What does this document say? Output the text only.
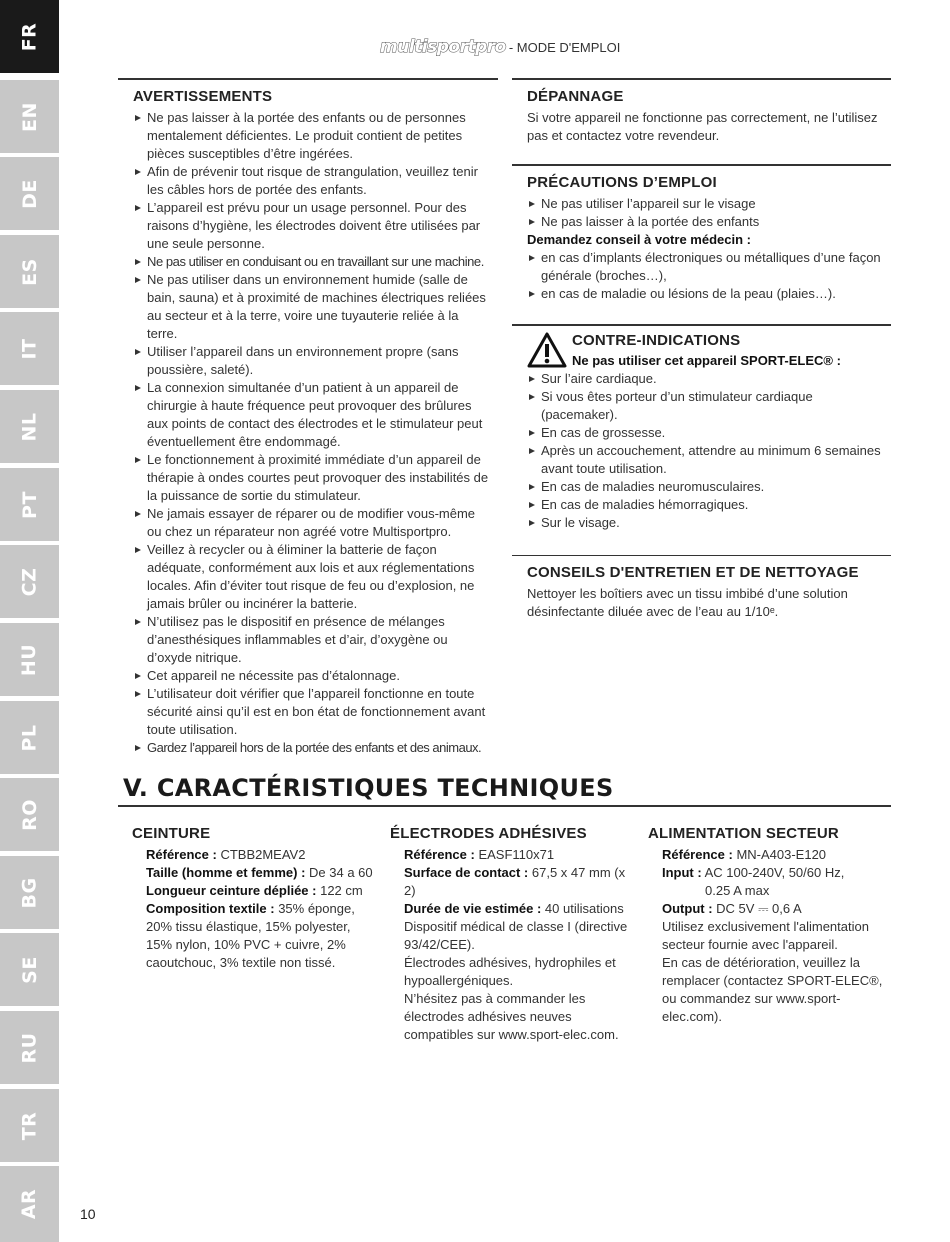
FR
EN
DE
ES
IT
NL
PT
CZ
HU
PL
RO
BG
SE
RU
TR
AR
multisportpro - MODE D'EMPLOI
AVERTISSEMENTS
Ne pas laisser à la portée des enfants ou de personnes mentalement déficientes. Le produit contient de petites pièces susceptibles d’être ingérées.
Afin de prévenir tout risque de strangulation, veuillez tenir les câbles hors de portée des enfants.
L’appareil est prévu pour un usage personnel. Pour des raisons d’hygiène, les électrodes doivent être utilisées par une seule personne.
Ne pas utiliser en conduisant ou en travaillant sur une machine.
Ne pas utiliser dans un environnement humide (salle de bain, sauna) et à proximité de machines électriques reliées au secteur et à la terre, voire une tuyauterie reliée à la terre.
Utiliser l’appareil dans un environnement propre (sans poussière, saleté).
La connexion simultanée d’un patient à un appareil de chirurgie à haute fréquence peut provoquer des brûlures aux points de contact des électrodes et le stimulateur peut éventuellement être endommagé.
Le fonctionnement à proximité immédiate d’un appareil de thérapie à ondes courtes peut provoquer des instabilités de la puissance de sortie du stimulateur.
Ne jamais essayer de réparer ou de modifier vous-même ou chez un réparateur non agréé votre Multisportpro.
Veillez à recycler ou à éliminer la batterie de façon adéquate, conformément aux lois et aux réglementations locales. Afin d’éviter tout risque de feu ou d’explosion, ne jamais brûler ou incinérer la batterie.
N’utilisez pas le dispositif en présence de mélanges d’anesthésiques inflammables et d’air, d’oxygène ou d’oxyde nitrique.
Cet appareil ne nécessite pas d’étalonnage.
L’utilisateur doit vérifier que l’appareil fonctionne en toute sécurité ainsi qu’il est en bon état de fonctionnement avant toute utilisation.
Gardez l’appareil hors de la portée des enfants et des animaux.
DÉPANNAGE

Si votre appareil ne fonctionne pas correctement, ne l’utilisez pas et contactez votre revendeur.

PRÉCAUTIONS D’EMPLOI
Ne pas utiliser l’appareil sur le visage
Ne pas laisser à la portée des enfants
Demandez conseil à votre médecin :
en cas d’implants électroniques ou métalliques d’une façon générale (broches…),
en cas de maladie ou lésions de la peau (plaies…).
CONTRE-INDICATIONS
Ne pas utiliser cet appareil SPORT-ELEC® :
Sur l’aire cardiaque.
Si vous êtes porteur d’un stimulateur cardiaque (pacemaker).
En cas de grossesse.
Après un accouchement, attendre au minimum 6 semaines avant toute utilisation.
En cas de maladies neuromusculaires.
En cas de maladies hémorragiques.
Sur le visage.
CONSEILS D'ENTRETIEN ET DE NETTOYAGE

Nettoyer les boîtiers avec un tissu imbibé d’une solution désinfectante diluée avec de l’eau au 1/10ᵉ.

V. CARACTÉRISTIQUES TECHNIQUES
CEINTURE
Référence : CTBB2MEAV2
Taille (homme et femme) : De 34 a 60
Longueur ceinture dépliée : 122 cm
Composition textile : 35% éponge, 20% tissu élastique, 15% polyester, 15% nylon, 10% PVC + cuivre, 2% caoutchouc, 3% textile non tissé.
ÉLECTRODES ADHÉSIVES
Référence : EASF110x71
Surface de contact : 67,5 x 47 mm (x 2)
Durée de vie estimée : 40 utilisations
Dispositif médical de classe I (directive 93/42/CEE).
Électrodes adhésives, hydrophiles et hypoallergéniques.
N’hésitez pas à commander les électrodes adhésives neuves compatibles sur www.sport-elec.com.
ALIMENTATION SECTEUR
Référence : MN-A403-E120
Input : AC 100-240V, 50/60 Hz,
0.25 A max
Output : DC 5V ⎓ 0,6 A
Utilisez exclusivement l'alimentation secteur fournie avec l'appareil.
En cas de détérioration, veuillez la remplacer (contactez SPORT-ELEC®, ou commandez sur www.sport-elec.com).
10
